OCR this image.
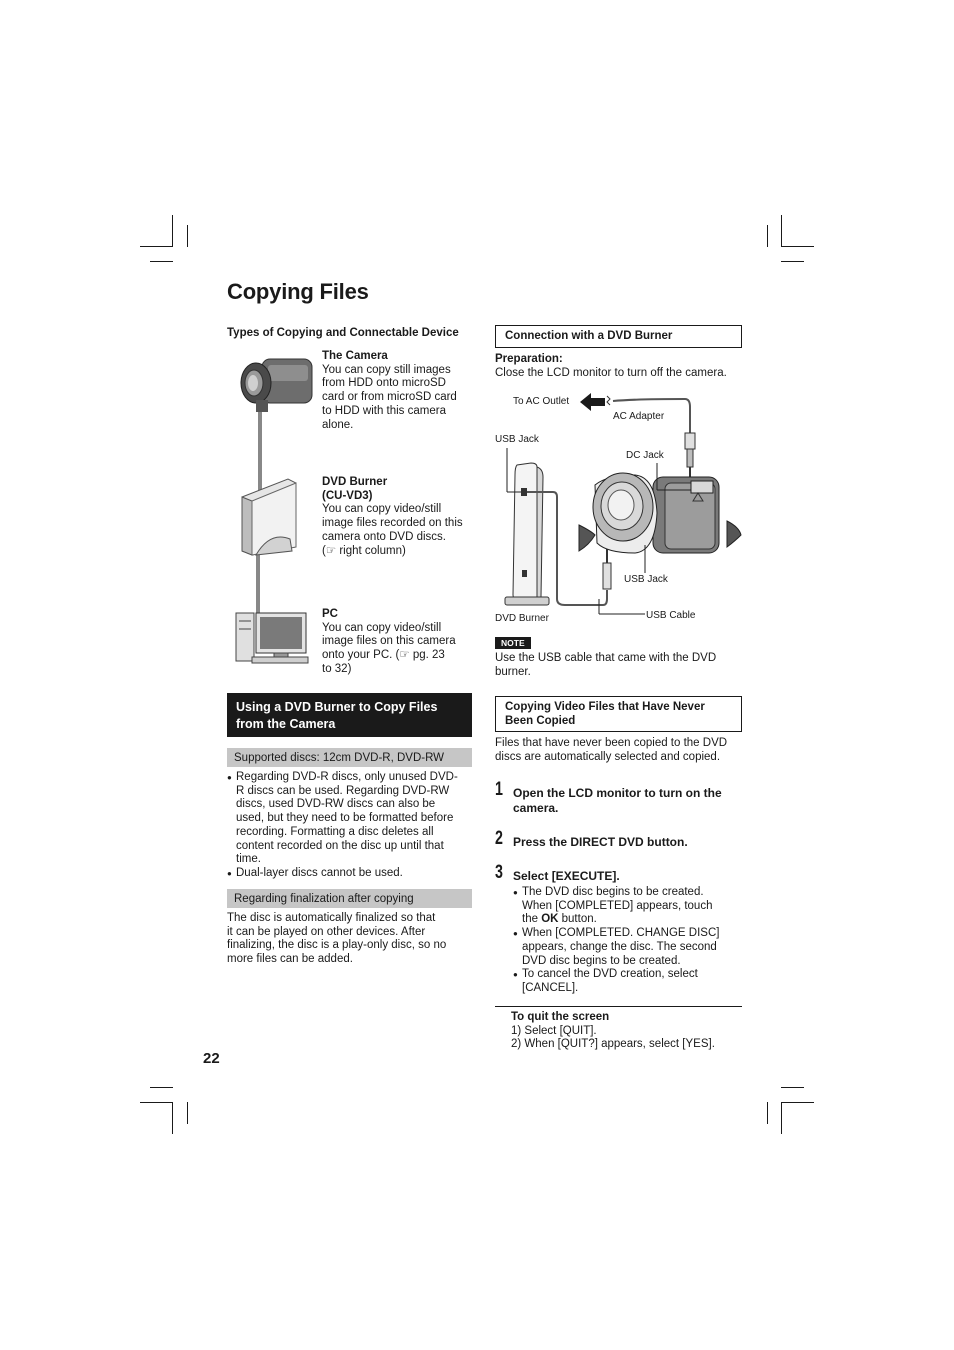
Copying Files
Types of Copying and Connectable Device
The Camera
You can copy still images
from HDD onto microSD
card or from microSD card
to HDD with this camera
alone.
DVD Burner
(CU-VD3)
You can copy video/still
image files recorded on this
camera onto DVD discs.
(☞ right column)
PC
You can copy video/still
image files on this camera
onto your PC. (☞ pg. 23
to 32)
Using a DVD Burner to Copy Files
from the Camera
Supported discs: 12cm DVD-R, DVD-RW
● Regarding DVD-R discs, only unused DVD-
R discs can be used. Regarding DVD-RW
discs, used DVD-RW discs can also be
used, but they need to be formatted before
recording. Formatting a disc deletes all
content recorded on the disc up until that
time.
● Dual-layer discs cannot be used.
Regarding finalization after copying
The disc is automatically finalized so that
it can be played on other devices. After
finalizing, the disc is a play-only disc, so no
more files can be added.
22
Connection with a DVD Burner
Preparation:
Close the LCD monitor to turn off the camera.
To AC Outlet
AC Adapter
USB Jack
DC Jack
USB Jack
USB Cable
DVD Burner
NOTE
Use the USB cable that came with the DVD
burner.
Copying Video Files that Have Never
Been Copied
Files that have never been copied to the DVD
discs are automatically selected and copied.
1 Open the LCD monitor to turn on the
camera.
2 Press the DIRECT DVD button.
3 Select [EXECUTE].
● The DVD disc begins to be created.
When [COMPLETED] appears, touch
the OK button.
● When [COMPLETED. CHANGE DISC]
appears, change the disc. The second
DVD disc begins to be created.
● To cancel the DVD creation, select
[CANCEL].
To quit the screen
1) Select [QUIT].
2) When [QUIT?] appears, select [YES].
